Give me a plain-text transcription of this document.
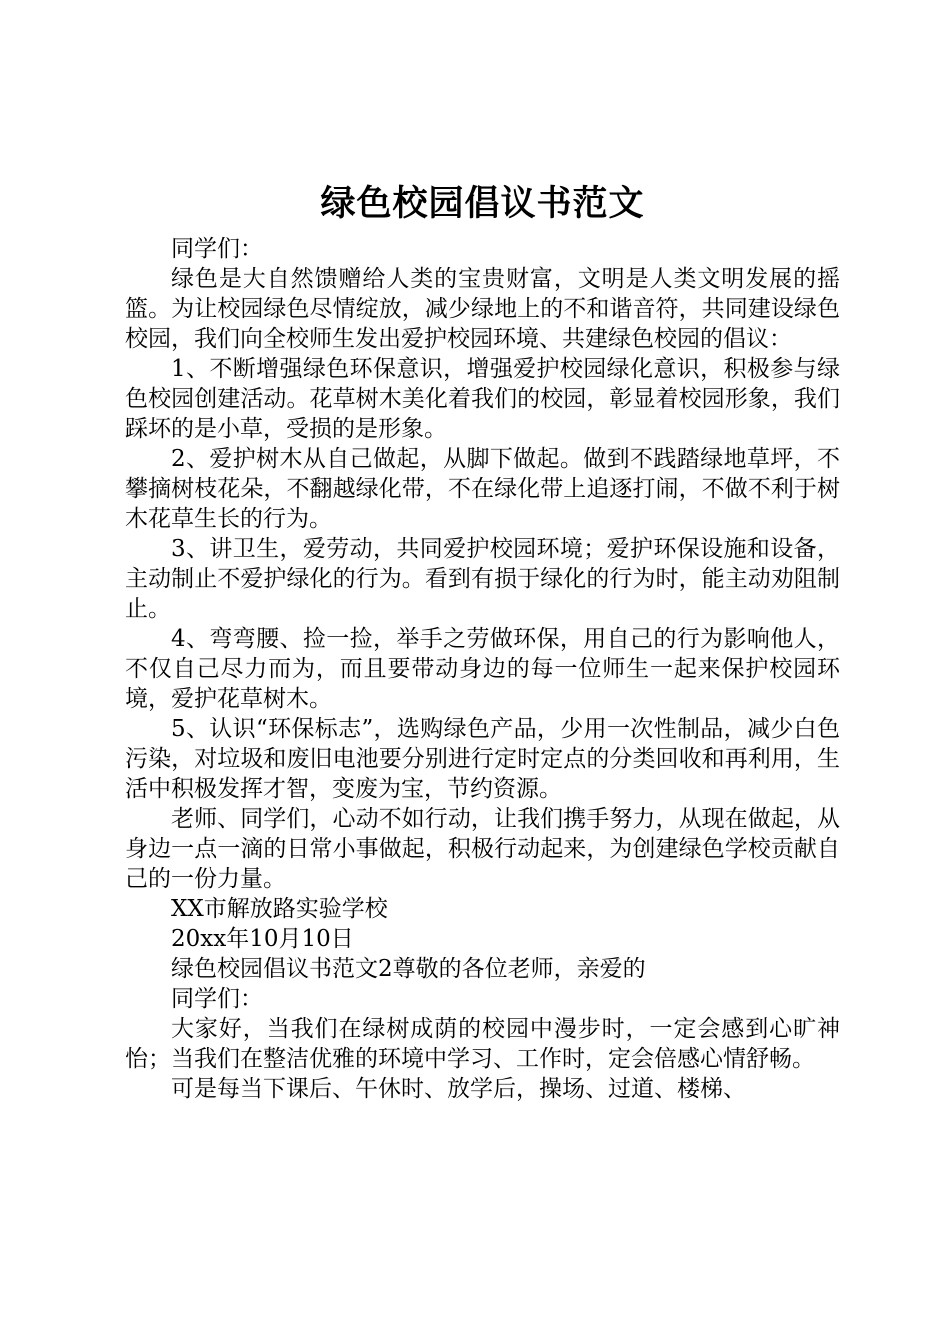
绿色校园倡议书范文

同学们：

绿色是大自然馈赠给人类的宝贵财富，文明是人类文明发展的摇篮。为让校园绿色尽情绽放，减少绿地上的不和谐音符，共同建设绿色校园，我们向全校师生发出爱护校园环境、共建绿色校园的倡议：

1、不断增强绿色环保意识，增强爱护校园绿化意识，积极参与绿色校园创建活动。花草树木美化着我们的校园，彰显着校园形象，我们踩坏的是小草，受损的是形象。

2、爱护树木从自己做起，从脚下做起。做到不践踏绿地草坪，不攀摘树枝花朵，不翻越绿化带，不在绿化带上追逐打闹，不做不利于树木花草生长的行为。

3、讲卫生，爱劳动，共同爱护校园环境；爱护环保设施和设备，主动制止不爱护绿化的行为。看到有损于绿化的行为时，能主动劝阻制止。

4、弯弯腰、捡一捡，举手之劳做环保，用自己的行为影响他人，不仅自己尽力而为，而且要带动身边的每一位师生一起来保护校园环境，爱护花草树木。

5、认识“环保标志”，选购绿色产品，少用一次性制品，减少白色污染，对垃圾和废旧电池要分别进行定时定点的分类回收和再利用，生活中积极发挥才智，变废为宝，节约资源。

老师、同学们，心动不如行动，让我们携手努力，从现在做起，从身边一点一滴的日常小事做起，积极行动起来，为创建绿色学校贡献自己的一份力量。

XX市解放路实验学校

20xx年10月10日

绿色校园倡议书范文2尊敬的各位老师，亲爱的

同学们：

大家好，当我们在绿树成荫的校园中漫步时，一定会感到心旷神怡；当我们在整洁优雅的环境中学习、工作时，定会倍感心情舒畅。

可是每当下课后、午休时、放学后，操场、过道、楼梯、
